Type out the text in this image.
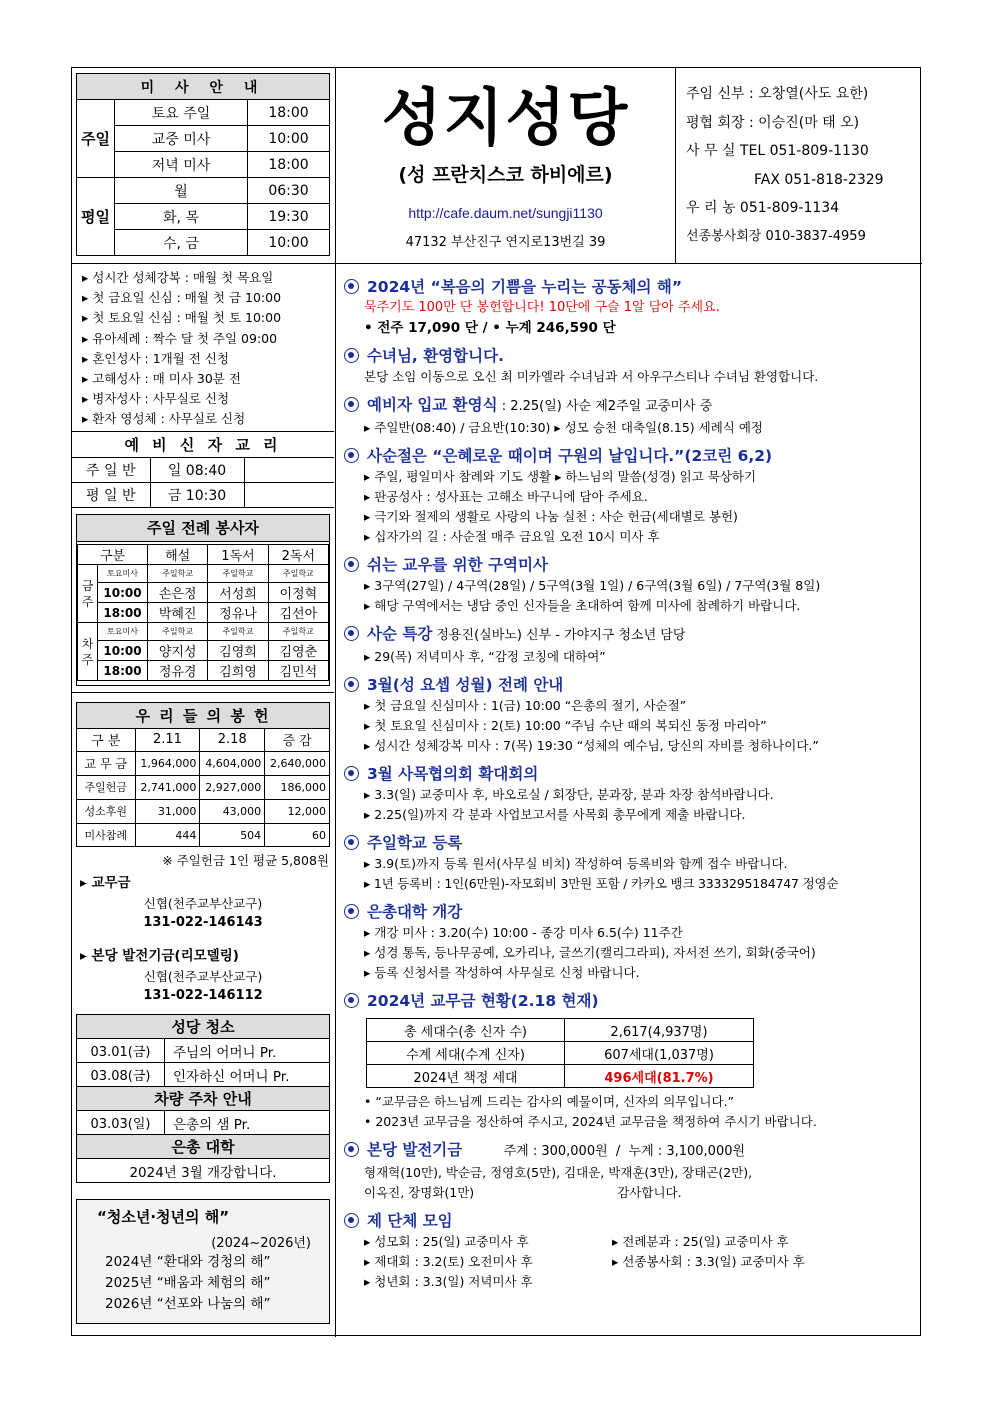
미 사 안 내		
주일	토요 주일	18:00
	교중 미사	10:00
	저녁 미사	18:00
평일	월	06:30
	화, 목	19:30
	수, 금	10:00
성지성당
(성 프란치스코 하비에르)
http://cafe.daum.net/sungji1130
47132 부산진구 연지로13번길 39
주임 신부 : 오창열(사도 요한)
평협 회장 : 이승진(마 태 오)
사 무 실 TEL 051-809-1130
FAX 051-818-2329
우 리 농 051-809-1134
선종봉사회장 010-3837-4959
▸ 성시간 성체강복 : 매월 첫 목요일
▸ 첫 금요일 신심 : 매월 첫 금 10:00
▸ 첫 토요일 신심 : 매월 첫 토 10:00
▸ 유아세례 : 짝수 달 첫 주일 09:00
▸ 혼인성사 : 1개월 전 신청
▸ 고해성사 : 매 미사 30분 전
▸ 병자성사 : 사무실로 신청
▸ 환자 영성체 : 사무실로 신청
예 비 신 자 교 리		
주 일 반	일 08:40	
평 일 반	금 10:30	
주일 전례 봉사자
구분		해설	1독서	2독서
금주	토요미사	주일학교	주일학교	주일학교
	10:00	손은정	서성희	이정혁
	18:00	박혜진	정유나	김선아
차주	토요미사	주일학교	주일학교	주일학교
	10:00	양지성	김영희	김영춘
	18:00	정유경	김희영	김민석
우 리 들 의 봉 헌
구 분	2.11	2.18	증 감
교 무 금	1,964,000	4,604,000	2,640,000
주일헌금	2,741,000	2,927,000	186,000
성소후원	31,000	43,000	12,000
미사참례	444	504	60
※ 주일헌금 1인 평균 5,808원
▸ 교무금
신협(천주교부산교구)
131-022-146143
▸ 본당 발전기금(리모델링)
신협(천주교부산교구)
131-022-146112
성당 청소	
03.01(금)	주님의 어머니 Pr.
03.08(금)	인자하신 어머니 Pr.
차량 주차 안내	
03.03(일)	은총의 샘 Pr.
은총 대학	
2024년 3월 개강합니다.	
“청소년·청년의 해”
(2024~2026년)
2024년 “환대와 경청의 해”
2025년 “배움과 체험의 해”
2026년 “선포와 나눔의 해”
2024년 “복음의 기쁨을 누리는 공동체의 해”
묵주기도 100만 단 봉헌합니다! 10단에 구슬 1알 담아 주세요.
• 전주 17,090 단 / • 누계 246,590 단
수녀님, 환영합니다.
본당 소임 이동으로 오신 최 미카엘라 수녀님과 서 아우구스티나 수녀님 환영합니다.
예비자 입교 환영식 : 2.25(일) 사순 제2주일 교중미사 중
▸ 주일반(08:40) / 금요반(10:30) ▸ 성모 승천 대축일(8.15) 세례식 예정
사순절은 “은혜로운 때이며 구원의 날입니다.”(2코린 6,2)
▸ 주일, 평일미사 참례와 기도 생활 ▸ 하느님의 말씀(성경) 읽고 묵상하기
▸ 판공성사 : 성사표는 고해소 바구니에 담아 주세요.
▸ 극기와 절제의 생활로 사랑의 나눔 실천 : 사순 헌금(세대별로 봉헌)
▸ 십자가의 길 : 사순절 매주 금요일 오전 10시 미사 후
쉬는 교우를 위한 구역미사
▸ 3구역(27일) / 4구역(28일) / 5구역(3월 1일) / 6구역(3월 6일) / 7구역(3월 8일)
▸ 해당 구역에서는 냉담 중인 신자들을 초대하여 함께 미사에 참례하기 바랍니다.
사순 특강 정용진(실바노) 신부 - 가야지구 청소년 담당
▸ 29(목) 저녁미사 후, “감정 코칭에 대하여”
3월(성 요셉 성월) 전례 안내
▸ 첫 금요일 신심미사 : 1(금) 10:00 “은총의 절기, 사순절”
▸ 첫 토요일 신심미사 : 2(토) 10:00 “주님 수난 때의 복되신 동정 마리아”
▸ 성시간 성체강복 미사 : 7(목) 19:30 “성체의 예수님, 당신의 자비를 청하나이다.”
3월 사목협의회 확대회의
▸ 3.3(일) 교중미사 후, 바오로실 / 회장단, 분과장, 분과 차장 참석바랍니다.
▸ 2.25(일)까지 각 분과 사업보고서를 사목회 총무에게 제출 바랍니다.
주일학교 등록
▸ 3.9(토)까지 등록 원서(사무실 비치) 작성하여 등록비와 함께 접수 바랍니다.
▸ 1년 등록비 : 1인(6만원)-자모회비 3만원 포함 / 카카오 뱅크 3333295184747 정영순
은총대학 개강
▸ 개강 미사 : 3.20(수) 10:00 - 종강 미사 6.5(수) 11주간
▸ 성경 통독, 등나무공예, 오카리나, 글쓰기(캘리그라피), 자서전 쓰기, 회화(중국어)
▸ 등록 신청서를 작성하여 사무실로 신청 바랍니다.
2024년 교무금 현황(2.18 현재)
총 세대수(총 신자 수)	2,617(4,937명)
수계 세대(수계 신자)	607세대(1,037명)
2024년 책정 세대	496세대(81.7%)
• “교무금은 하느님께 드리는 감사의 예물이며, 신자의 의무입니다.”
• 2023년 교무금을 정산하여 주시고, 2024년 교무금을 책정하여 주시기 바랍니다.
본당 발전기금          주계 : 300,000원  /  누계 : 3,100,000원
형재혁(10만), 박순금, 정영호(5만), 김대운, 박재훈(3만), 장태곤(2만),
이옥진, 장명화(1만)                                    감사합니다.
제 단체 모임
▸ 성모회 : 25(일) 교중미사 후
▸ 제대회 : 3.2(토) 오전미사 후
▸ 청년회 : 3.3(일) 저녁미사 후
▸ 전례분과 : 25(일) 교중미사 후
▸ 선종봉사회 : 3.3(일) 교중미사 후
